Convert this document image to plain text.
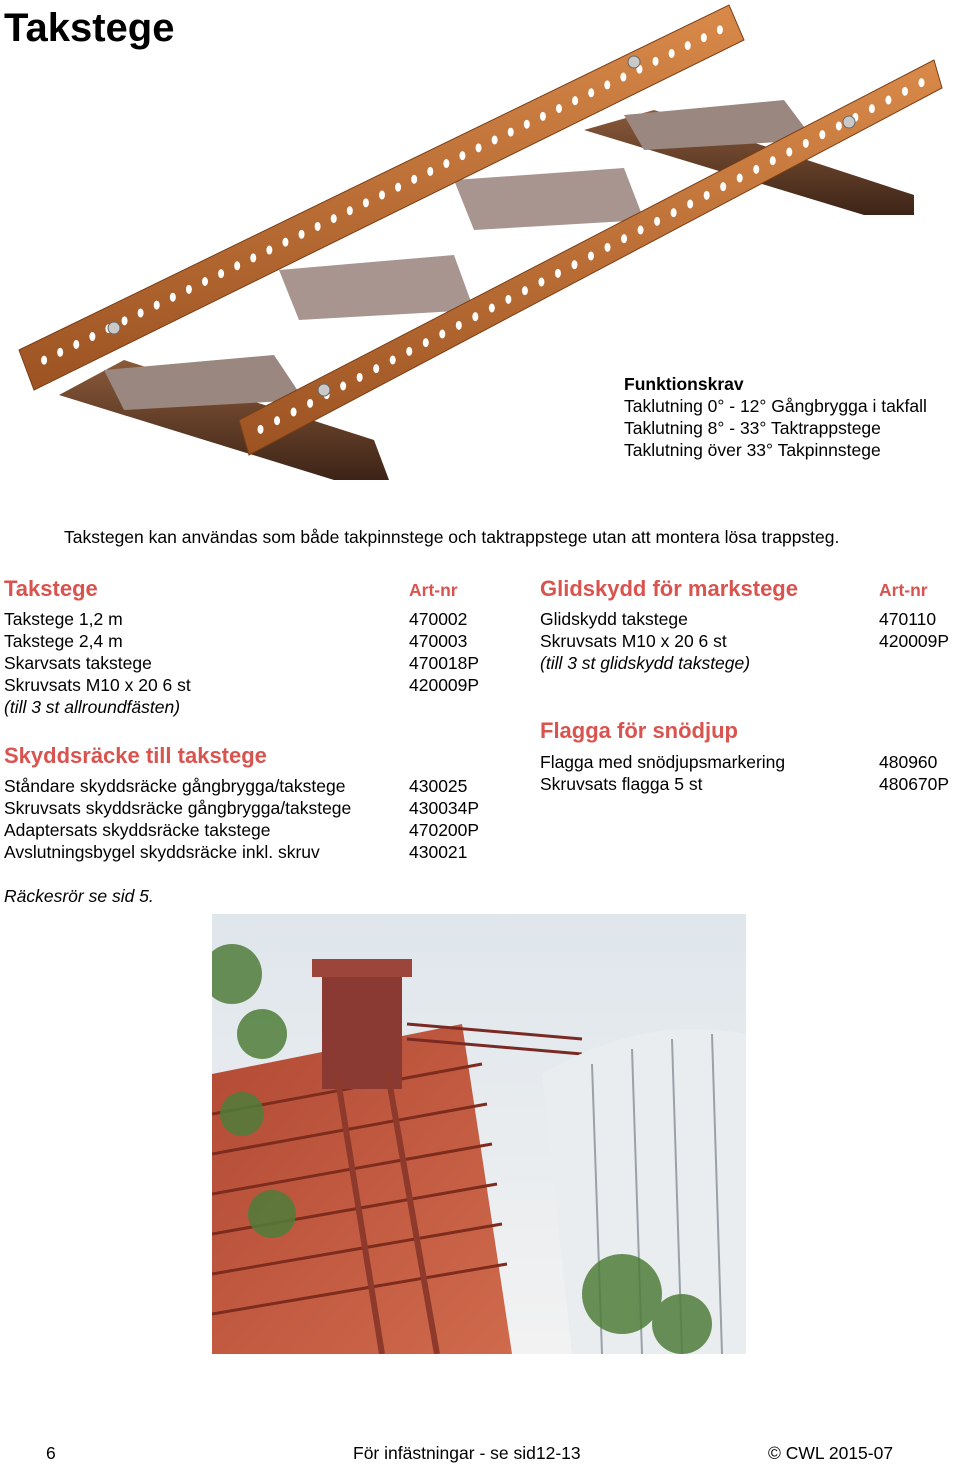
Takstege
Funktionskrav
Taklutning 0° - 12° Gångbrygga i takfall
Taklutning 8° - 33° Taktrappstege
Taklutning över 33° Takpinnstege
Takstegen kan användas som både takpinnstege och taktrappstege utan att montera lösa trappsteg.
Takstege	Art-nr
Takstege 1,2 m	470002
Takstege 2,4 m	470003
Skarvsats takstege	470018P
Skruvsats M10 x 20 6 st	420009P
(till 3 st allroundfästen)
Skyddsräcke till takstege
Ståndare skyddsräcke gångbrygga/takstege	430025
Skruvsats skyddsräcke gångbrygga/takstege	430034P
Adaptersats skyddsräcke takstege	470200P
Avslutningsbygel skyddsräcke inkl. skruv	430021
Glidskydd för markstege	Art-nr
Glidskydd takstege	470110
Skruvsats M10 x 20 6 st	420009P
(till 3 st glidskydd takstege)
Flagga för snödjup
Flagga med snödjupsmarkering	480960
Skruvsats flagga 5 st	480670P
Räckesrör se sid 5.
6	För infästningar - se sid12-13	© CWL 2015-07
